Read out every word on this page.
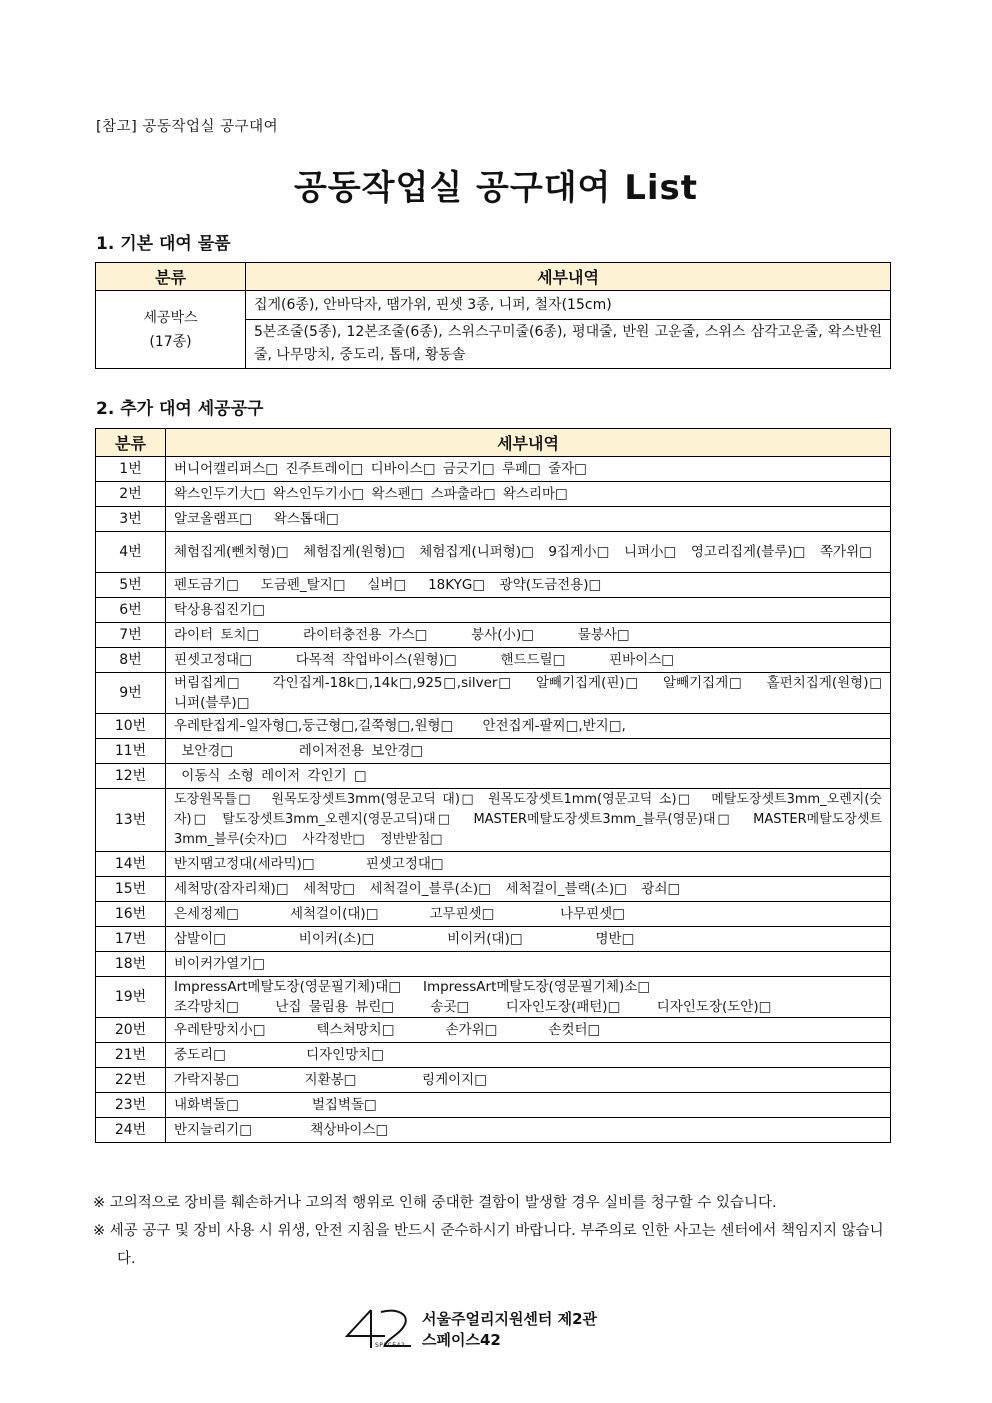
[참고] 공동작업실 공구대여
공동작업실 공구대여 List
1. 기본 대여 물품
분류	세부내역

세공박스
(17종)	집게(6종), 안바닥자, 땜가위, 핀셋 3종, 니퍼, 철자(15cm)
	5본조줄(5종), 12본조줄(6종), 스위스구미줄(6종), 평대줄, 반원 고운줄, 스위스 삼각고운줄, 왁스반원줄, 나무망치, 중도리, 톱대, 황동솔
2. 추가 대여 세공공구
분류	세부내역
1번	버니어캘리퍼스□ 진주트레이□ 디바이스□ 금긋기□ 루페□ 줄자□
2번	왁스인두기大□ 왁스인두기小□ 왁스펜□ 스파출라□ 왁스리마□
3번	알코올램프□   왁스톱대□
4번	체험집게(뻰치형)□  체험집게(원형)□  체험집게(니퍼형)□  9집게小□  니퍼小□  영고리집게(블루)□  쪽가위□
5번	펜도금기□   도금펜_탈지□   실버□   18KYG□  광약(도금전용)□
6번	탁상용집진기□
7번	라이터 토치□      라이터충전용 가스□      붕사(小)□      물붕사□
8번	핀셋고정대□      다목적 작업바이스(원형)□      핸드드릴□      핀바이스□
9번	버림집게□    각인집게-18k□,14k□,925□,silver□   알빼기집게(핀)□   알빼기집게□   홀펀치집게(원형)□  니퍼(블루)□
10번	우레탄집게–일자형□,둥근형□,길쭉형□,원형□    안전집게-팔찌□,반지□,
11번	보안경□         레이저전용 보안경□
12번	이동식 소형 레이저 각인기 □
13번	도장원목틀□   원목도장셋트3mm(영문고딕 대)□  원목도장셋트1mm(영문고딕 소)□   메탈도장셋트3mm_오렌지(숫자)□  탈도장셋트3mm_오렌지(영문고딕)대□   MASTER메탈도장셋트3mm_블루(영문)대□   MASTER메탈도장셋트3mm_블루(숫자)□   사각정반□   정반받침□
14번	반지땜고정대(세라믹)□       핀셋고정대□
15번	세척망(잠자리채)□  세척망□  세척걸이_블루(소)□  세척걸이_블랙(소)□  광쇠□
16번	은세정제□       세척걸이(대)□       고무핀셋□         나무핀셋□
17번	삼발이□          비이커(소)□          비이커(대)□          명반□
18번	비이커가열기□
19번	ImpressArt메탈도장(영문필기체)대□   ImpressArt메탈도장(영문필기체)소□
조각망치□     난집 물림용 뷰린□     송곳□     디자인도장(패턴)□     디자인도장(도안)□

20번	우레탄망치小□       텍스쳐망치□       손가위□       손컷터□
21번	중도리□           디자인망치□
22번	가락지봉□         지환봉□         링게이지□
23번	내화벽돌□          벌집벽돌□
24번	반지늘리기□        책상바이스□

※ 고의적으로 장비를 훼손하거나 고의적 행위로 인해 중대한 결함이 발생할 경우 실비를 청구할 수 있습니다.

※ 세공 공구 및 장비 사용 시 위생, 안전 지침을 반드시 준수하시기 바랍니다. 부주의로 인한 사고는 센터에서 책임지지 않습니다.

SPACE42
서울주얼리지원센터 제2관
스페이스42
